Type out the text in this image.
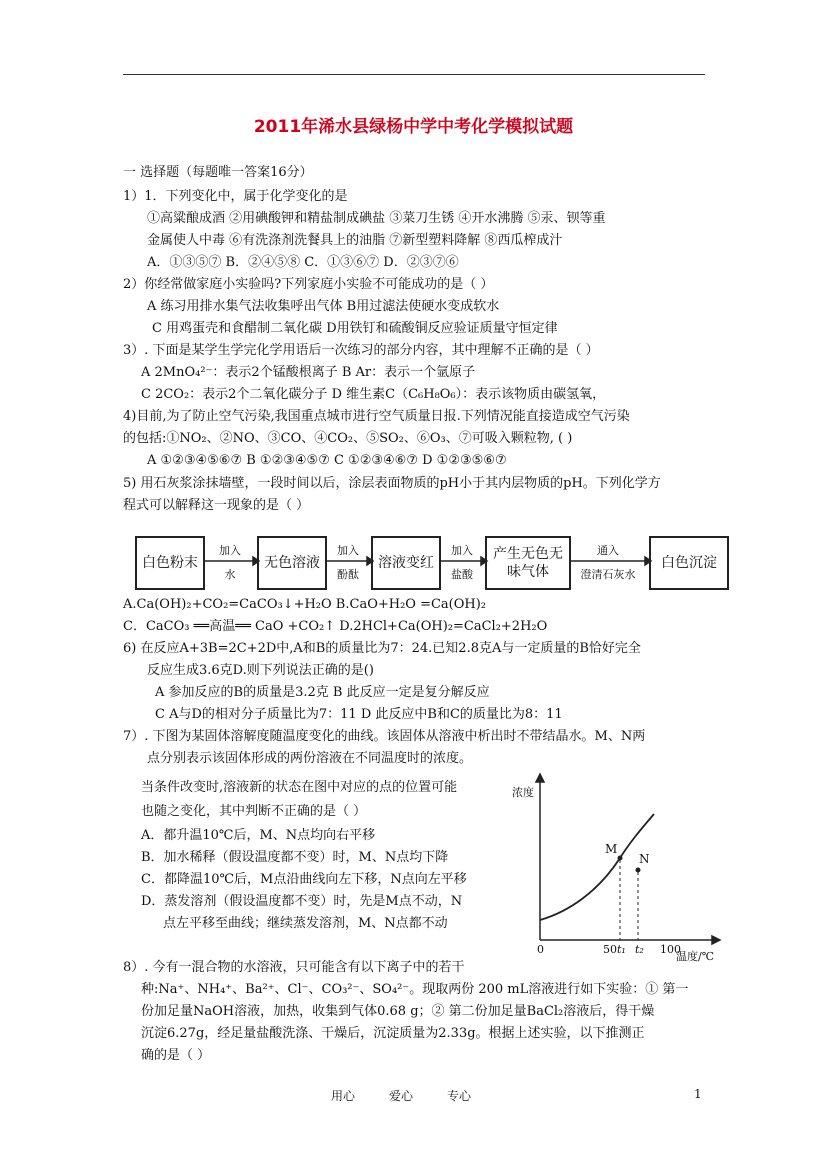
2011年浠水县绿杨中学中考化学模拟试题
一 选择题（每题唯一答案16分）
1）1．下列变化中，属于化学变化的是
①高粱酿成酒 ②用碘酸钾和精盐制成碘盐 ③菜刀生锈 ④开水沸腾 ⑤汞、钡等重
金属使人中毒 ⑥有洗涤剂洗餐具上的油脂 ⑦新型塑料降解 ⑧西瓜榨成汁
A．①③⑤⑦ B．②④⑤⑧ C．①③⑥⑦ D．②③⑦⑥
2）你经常做家庭小实验吗?下列家庭小实验不可能成功的是（ ）
A 练习用排水集气法收集呼出气体 B用过滤法使硬水变成软水
C 用鸡蛋壳和食醋制二氧化碳 D用铁钉和硫酸铜反应验证质量守恒定律
3）. 下面是某学生学完化学用语后一次练习的部分内容，其中理解不正确的是（ ）
A 2MnO₄²⁻：表示2个锰酸根离子 B Ar：表示一个氩原子
C 2CO₂：表示2个二氧化碳分子 D 维生素C（C₆H₈O₆）：表示该物质由碳氢氧，
4)目前,为了防止空气污染,我国重点城市进行空气质量日报.下列情况能直接造成空气污染
的包括:①NO₂、②NO、③CO、④CO₂、⑤SO₂、⑥O₃、⑦可吸入颗粒物, ( )
A ①②③④⑤⑥⑦ B ①②③④⑤⑦ C ①②③④⑥⑦ D ①②③⑤⑥⑦
5) 用石灰浆涂抹墙壁，一段时间以后，涂层表面物质的pH小于其内层物质的pH。下列化学方
程式可以解释这一现象的是（ ）
白色粉末	无色溶液	溶液变红
产生无色无味气体
白色沉淀
加入
水
加入
酚酞
加入
盐酸
通入
澄清石灰水
A.Ca(OH)₂+CO₂=CaCO₃↓+H₂O B.CaO+H₂O =Ca(OH)₂
C．CaCO₃ ══高温══ CaO +CO₂↑ D.2HCl+Ca(OH)₂=CaCl₂+2H₂O
6) 在反应A+3B=2C+2D中,A和B的质量比为7：24.已知2.8克A与一定质量的B恰好完全
反应生成3.6克D.则下列说法正确的是()
A 参加反应的B的质量是3.2克 B 此反应一定是复分解反应
C A与D的相对分子质量比为7：11 D 此反应中B和C的质量比为8：11
7）. 下图为某固体溶解度随温度变化的曲线。该固体从溶液中析出时不带结晶水。M、N两
点分别表示该固体形成的两份溶液在不同温度时的浓度。
当条件改变时,溶液新的状态在图中对应的点的位置可能
也随之变化，其中判断不正确的是（ ）
A．都升温10℃后，M、N点均向右平移
B．加水稀释（假设温度都不变）时，M、N点均下降
C．都降温10℃后，M点沿曲线向左下移，N点向左平移
D．蒸发溶剂（假设温度都不变）时，先是M点不动，N
点左平移至曲线；继续蒸发溶剂，M、N点都不动
8）. 今有一混合物的水溶液，只可能含有以下离子中的若干
种:Na⁺、NH₄⁺、Ba²⁺、Cl⁻、CO₃²⁻、SO₄²⁻。现取两份 200 mL溶液进行如下实验：① 第一
份加足量NaOH溶液，加热，收集到气体0.68 g；② 第二份加足量BaCl₂溶液后，得干燥
沉淀6.27g，经足量盐酸洗涤、干燥后，沉淀质量为2.33g。根据上述实验，以下推测正
确的是（ ）
浓度
温度/℃
0	50 t₁ t₂ 100
M
N
用心	爱心	专心	1
